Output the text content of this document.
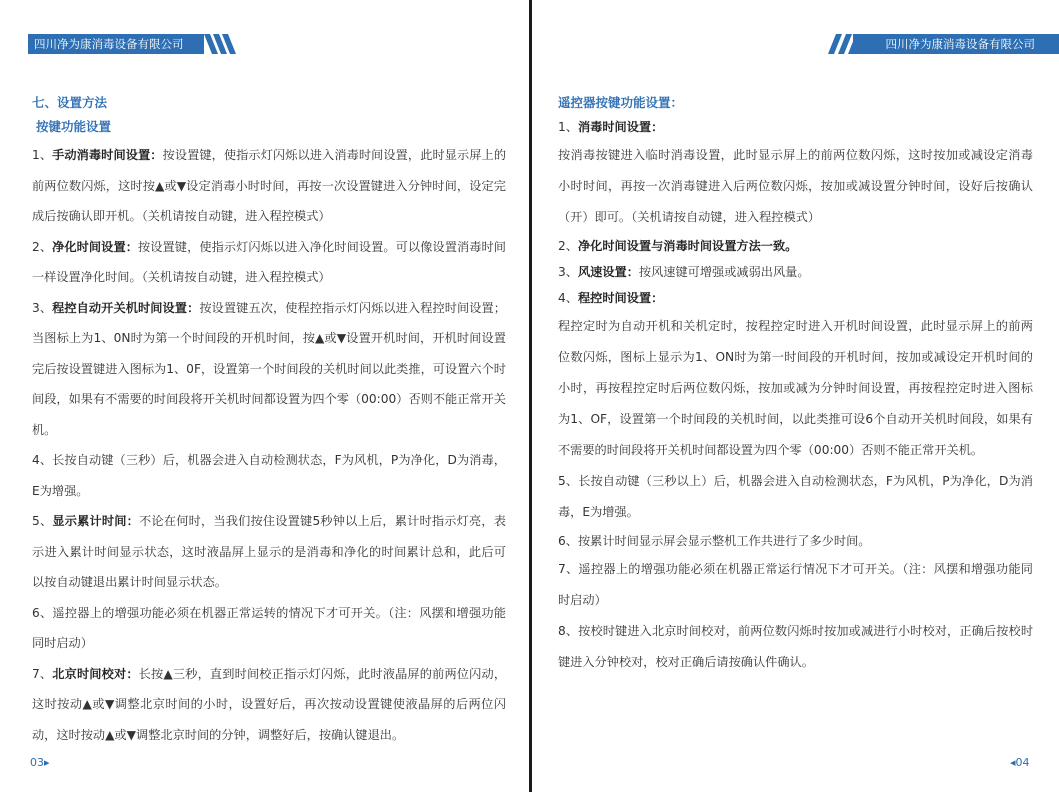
四川净为康消毒设备有限公司
七、设置方法
按键功能设置

1、手动消毒时间设置：按设置键，使指示灯闪烁以进入消毒时间设置，此时显示屏上的前两位数闪烁，这时按▲或▼设定消毒小时时间，再按一次设置键进入分钟时间，设定完成后按确认即开机。（关机请按自动键，进入程控模式）

2、净化时间设置：按设置键，使指示灯闪烁以进入净化时间设置。可以像设置消毒时间一样设置净化时间。（关机请按自动键，进入程控模式）

3、程控自动开关机时间设置：按设置键五次，使程控指示灯闪烁以进入程控时间设置；当图标上为1、0N时为第一个时间段的开机时间，按▲或▼设置开机时间，开机时间设置完后按设置键进入图标为1、0F，设置第一个时间段的关机时间以此类推，可设置六个时间段，如果有不需要的时间段将开关机时间都设置为四个零（00:00）否则不能正常开关机。

4、长按自动键（三秒）后，机器会进入自动检测状态，F为风机，P为净化，D为消毒，E为增强。

5、显示累计时间：不论在何时，当我们按住设置键5秒钟以上后，累计时指示灯亮，表示进入累计时间显示状态，这时液晶屏上显示的是消毒和净化的时间累计总和，此后可以按自动键退出累计时间显示状态。

6、遥控器上的增强功能必须在机器正常运转的情况下才可开关。（注：风摆和增强功能同时启动）

7、北京时间校对：长按▲三秒，直到时间校正指示灯闪烁，此时液晶屏的前两位闪动，这时按动▲或▼调整北京时间的小时，设置好后，再次按动设置键使液晶屏的后两位闪动，这时按动▲或▼调整北京时间的分钟，调整好后，按确认键退出。

03▸
四川净为康消毒设备有限公司
遥控器按键功能设置：

1、消毒时间设置：

按消毒按键进入临时消毒设置，此时显示屏上的前两位数闪烁，这时按加或减设定消毒小时时间，再按一次消毒键进入后两位数闪烁，按加或减设置分钟时间，设好后按确认（开）即可。（关机请按自动键，进入程控模式）

2、净化时间设置与消毒时间设置方法一致。

3、风速设置：按风速键可增强或减弱出风量。

4、程控时间设置：

程控定时为自动开机和关机定时，按程控定时进入开机时间设置，此时显示屏上的前两位数闪烁，图标上显示为1、ON时为第一时间段的开机时间，按加或减设定开机时间的小时，再按程控定时后两位数闪烁，按加或减为分钟时间设置，再按程控定时进入图标为1、OF，设置第一个时间段的关机时间，以此类推可设6个自动开关机时间段，如果有不需要的时间段将开关机时间都设置为四个零（00:00）否则不能正常开关机。

5、长按自动键（三秒以上）后，机器会进入自动检测状态，F为风机，P为净化，D为消毒，E为增强。

6、按累计时间显示屏会显示整机工作共进行了多少时间。

7、遥控器上的增强功能必须在机器正常运行情况下才可开关。（注：风摆和增强功能同时启动）

8、按校时键进入北京时间校对，前两位数闪烁时按加或减进行小时校对，正确后按校时键进入分钟校对，校对正确后请按确认件确认。

◂04
